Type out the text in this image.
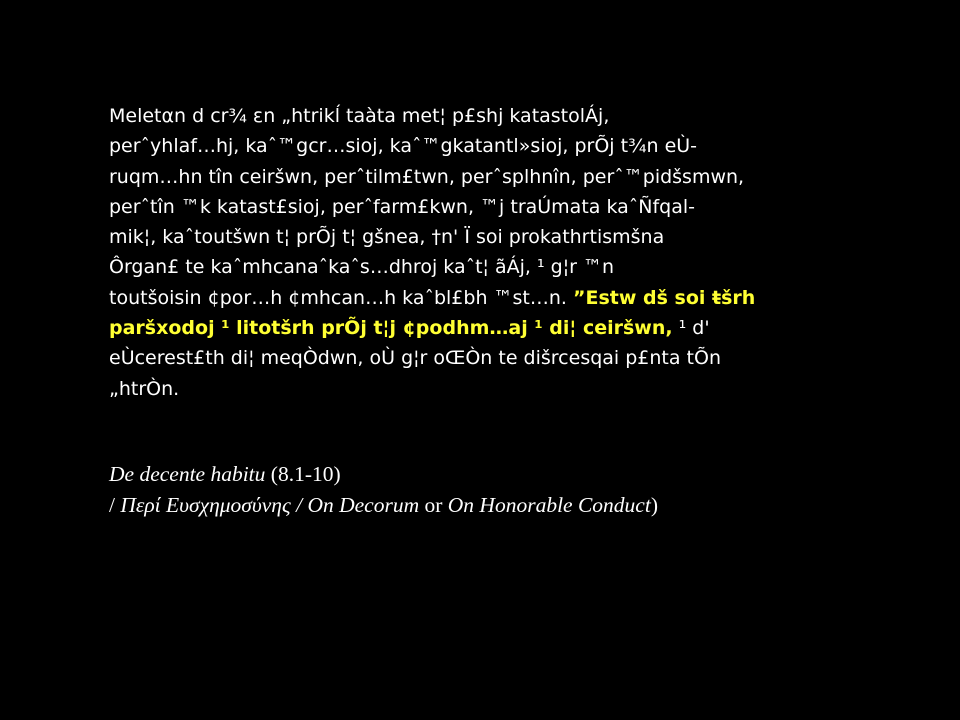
Meletαn d cr¾ εn „htrikĺ taàta met¦ p£shj katastolÁj,
perˆyhlaf…hj, kaˆ™gcr…sioj, kaˆ™gkatantl»sioj, prÕj t¾n eÙ-
ruqm…hn tîn ceiršwn, perˆtilm£twn, perˆsplhnîn, perˆ™pidšsmwn,
perˆtîn ™k katast£sioj, perˆfarm£kwn, ™j traÚmata kaˆÑfqal-
mik¦, kaˆtoutšwn t¦ prÕj t¦ gšnea, †n' Ï soi prokathrtismšna
Ôrgan£ te kaˆmhcanaˆkaˆs…dhroj kaˆt¦ ãÁj, ¹ g¦r ™n
toutšoisin ¢por…h ¢mhcan…h kaˆbl£bh ™st…n. ”Estw dš soi ŧšrh
paršxodoj ¹ litotšrh prÕj t¦j ¢podhm…aj ¹ di¦ ceiršwn, ¹ d'
eÙcerest£th di¦ meqÒdwn, oÙ g¦r oŒÒn te dišrcesqai p£nta tÕn
„htrÒn.
De decente habitu (8.1-10)
/ Περί Ευσχημοσύνης / On Decorum or On Honorable Conduct)
